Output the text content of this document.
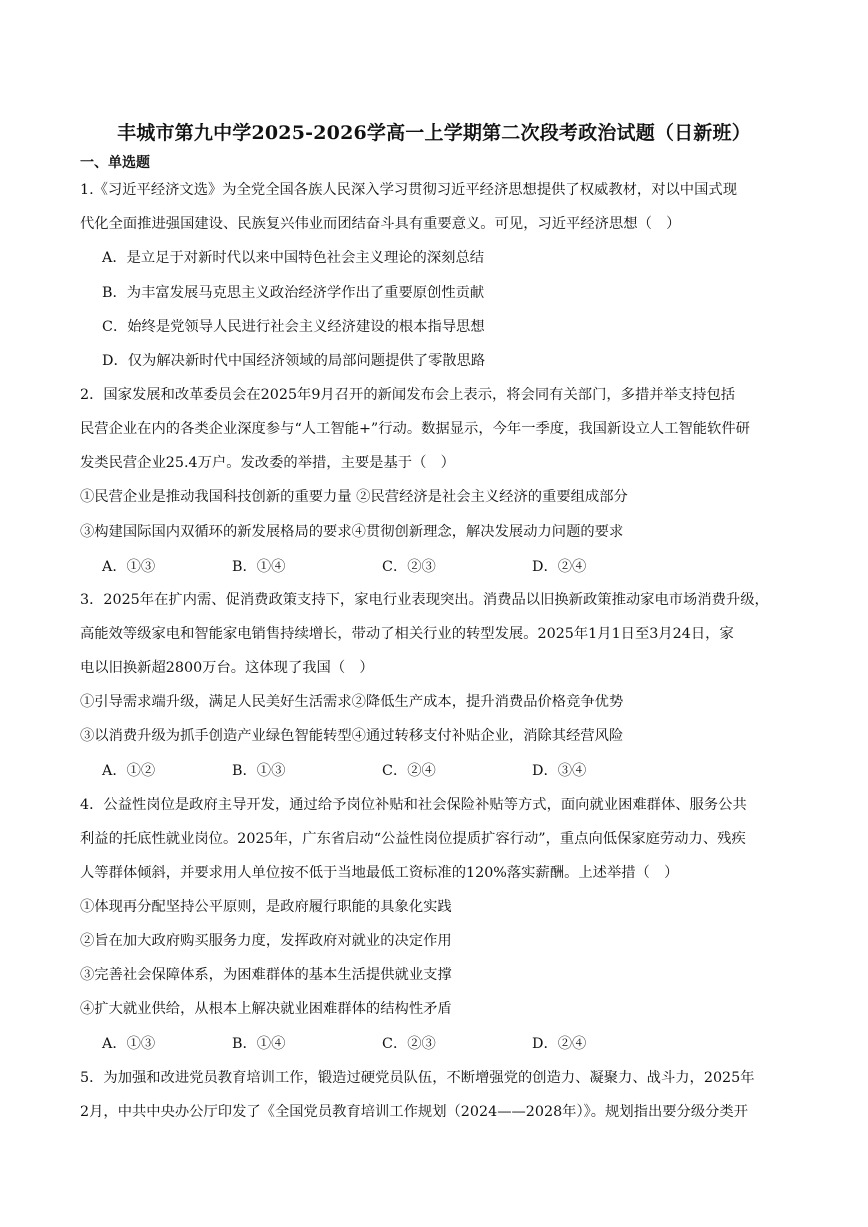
丰城市第九中学2025-2026学高一上学期第二次段考政治试题（日新班）
一、单选题
1.《习近平经济文选》为全党全国各族人民深入学习贯彻习近平经济思想提供了权威教材，对以中国式现
代化全面推进强国建设、民族复兴伟业而团结奋斗具有重要意义。可见，习近平经济思想（　）
A．是立足于对新时代以来中国特色社会主义理论的深刻总结
B．为丰富发展马克思主义政治经济学作出了重要原创性贡献
C．始终是党领导人民进行社会主义经济建设的根本指导思想
D．仅为解决新时代中国经济领域的局部问题提供了零散思路
2．国家发展和改革委员会在2025年9月召开的新闻发布会上表示，将会同有关部门，多措并举支持包括
民营企业在内的各类企业深度参与“人工智能+”行动。数据显示，今年一季度，我国新设立人工智能软件研
发类民营企业25.4万户。发改委的举措，主要是基于（　）
①民营企业是推动我国科技创新的重要力量 ②民营经济是社会主义经济的重要组成部分
③构建国际国内双循环的新发展格局的要求④贯彻创新理念，解决发展动力问题的要求
A．①③	B．①④	C．②③	D．②④
3．2025年在扩内需、促消费政策支持下，家电行业表现突出。消费品以旧换新政策推动家电市场消费升级，
高能效等级家电和智能家电销售持续增长，带动了相关行业的转型发展。2025年1月1日至3月24日，家
电以旧换新超2800万台。这体现了我国（　）
①引导需求端升级，满足人民美好生活需求②降低生产成本，提升消费品价格竞争优势
③以消费升级为抓手创造产业绿色智能转型④通过转移支付补贴企业，消除其经营风险
A．①②	B．①③	C．②④	D．③④
4．公益性岗位是政府主导开发，通过给予岗位补贴和社会保险补贴等方式，面向就业困难群体、服务公共
利益的托底性就业岗位。2025年，广东省启动“公益性岗位提质扩容行动”，重点向低保家庭劳动力、残疾
人等群体倾斜，并要求用人单位按不低于当地最低工资标准的120%落实薪酬。上述举措（　）
①体现再分配坚持公平原则，是政府履行职能的具象化实践
②旨在加大政府购买服务力度，发挥政府对就业的决定作用
③完善社会保障体系，为困难群体的基本生活提供就业支撑
④扩大就业供给，从根本上解决就业困难群体的结构性矛盾
A．①③	B．①④	C．②③	D．②④
5．为加强和改进党员教育培训工作，锻造过硬党员队伍，不断增强党的创造力、凝聚力、战斗力，2025年
2月，中共中央办公厅印发了《全国党员教育培训工作规划（2024——2028年）》。规划指出要分级分类开
